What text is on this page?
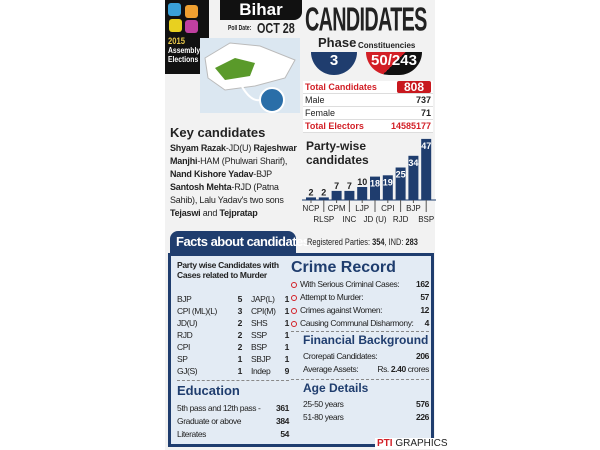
2015
Assembly
Elections
Bihar
Poll Date: OCT 28 CANDIDATES
Phase
3
Constituencies
50/243
Total Candidates	808
Male	737
Female	71
Total Electors	14585177
Key candidates
Shyam Razak-JD(U) Rajeshwar Manjhi-HAM (Phulwari Sharif), Nand Kishore Yadav-BJP Santosh Mehta-RJD (Patna Sahib), Lalu Yadav's two sons Tejaswi and Tejpratap
Party-wise candidates
2
NCP
2
RLSP
7
CPM
7
INC
10
LJP
18
JD (U)
19
CPI
25
RJD
34
BJP
47
BSP
Facts about candidates
Registered Parties: 354, IND: 283
Party wise Candidates with Cases related to Murder
BJP	5
CPI (ML)(L) 3
JD(U)	2
RJD	2
CPI	2
SP	1
GJ(S)	1
JAP(L) 1
CPI(M) 1
SHS 1
SSP 1
BSP 1
SBJP 1
Indep 9
Education
5th pass and 12th pass - 361
Graduate or above	384
Literates	54
Crime Record
With Serious Criminal Cases: 162
Attempt to Murder:	57
Crimes against Women:	12
Causing Communal Disharmony: 4
Financial Background
Crorepati Candidates:	206
Average Assets: Rs. 2.40 crores
Age Details
25-50 years	576
51-80 years	226
PTI GRAPHICS
